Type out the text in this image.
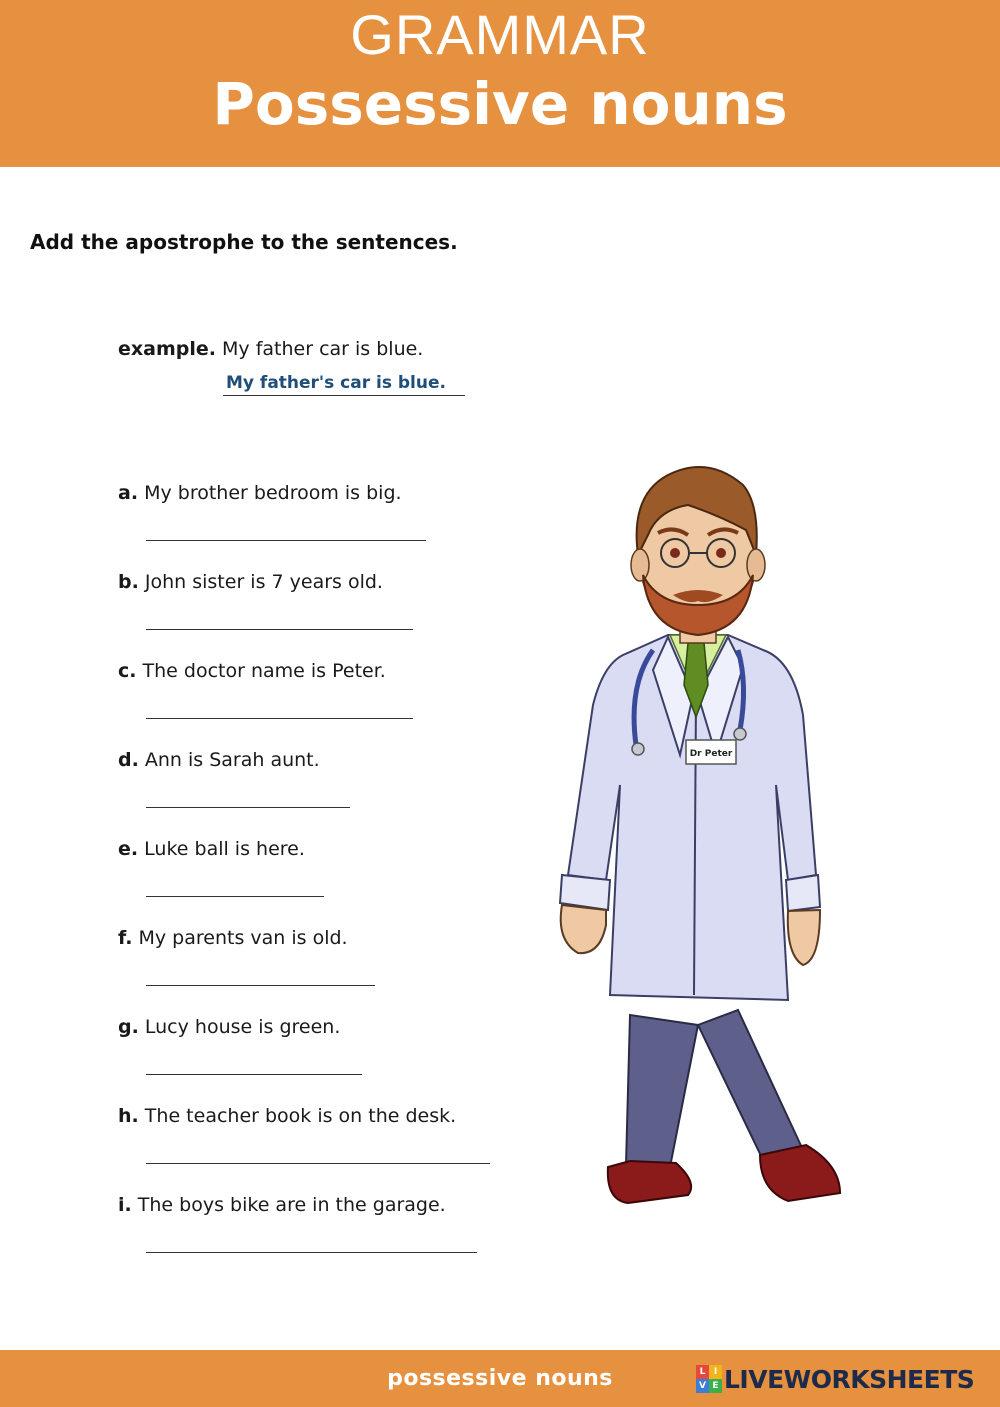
GRAMMAR
Possessive nouns
Add the apostrophe to the sentences.
example. My father car is blue.
My father's car is blue.
a. My brother bedroom is big.
b. John sister is 7 years old.
c. The doctor name is Peter.
d. Ann is Sarah aunt.
e. Luke ball is here.
f. My parents van is old.
g. Lucy house is green.
h. The teacher book is on the desk.
i. The boys bike are in the garage.
Dr Peter
possessive nouns	L I
V E LIVEWORKSHEETS
